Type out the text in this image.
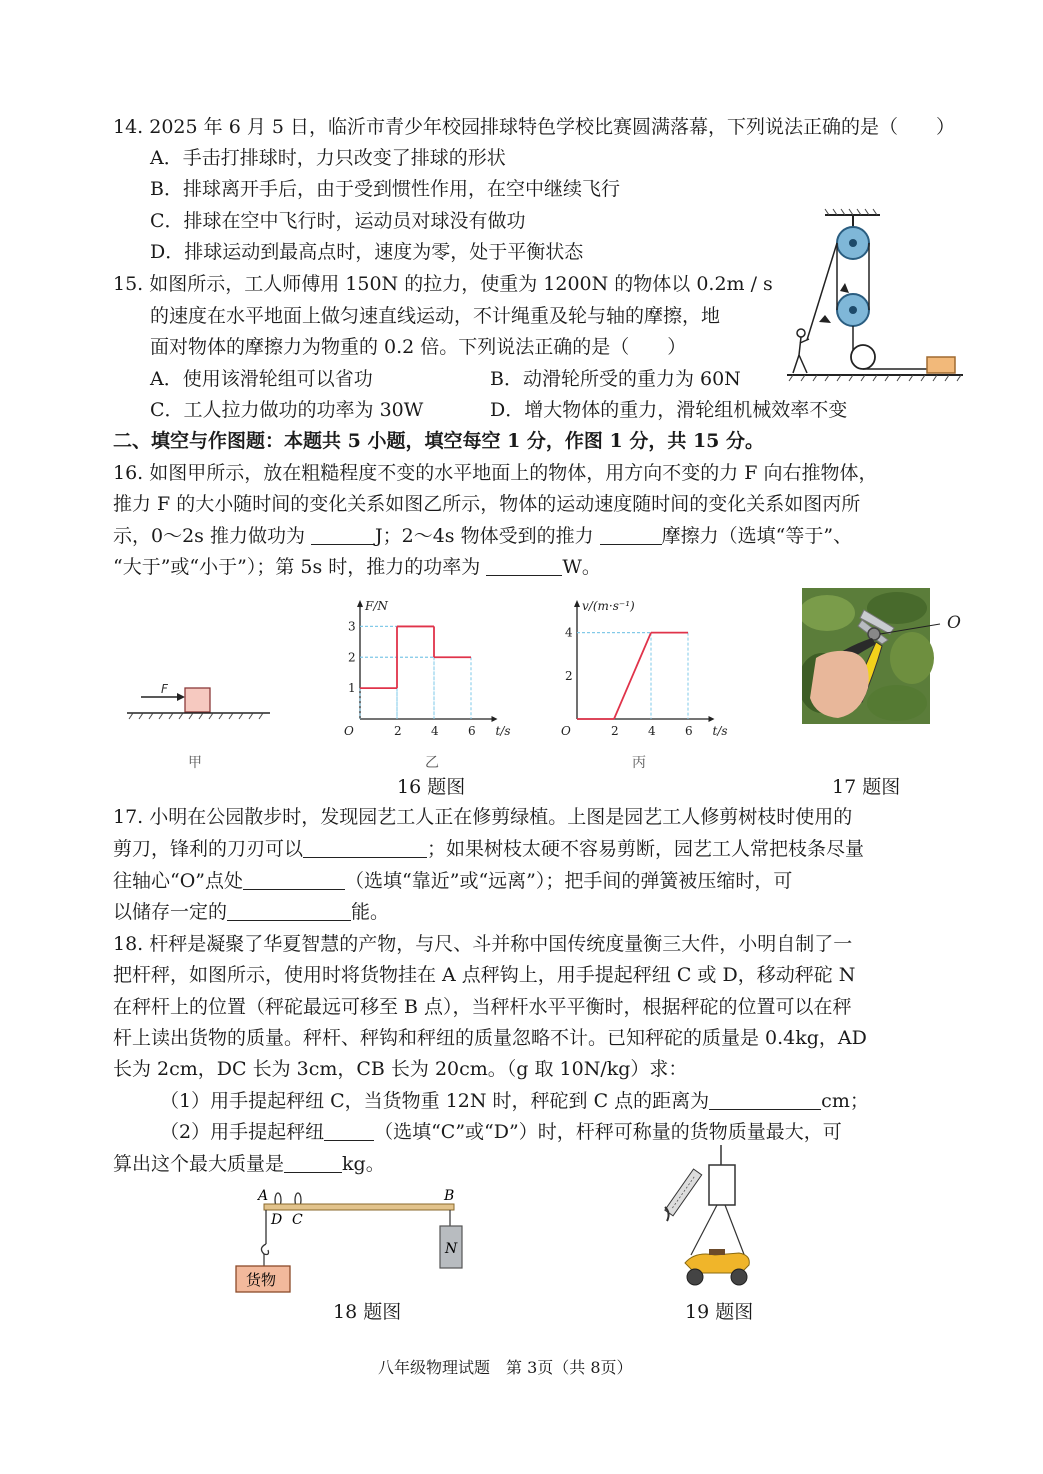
14. 2025 年 6 月 5 日，临沂市青少年校园排球特色学校比赛圆满落幕，下列说法正确的是（　　）
A．手击打排球时，力只改变了排球的形状
B．排球离开手后，由于受到惯性作用，在空中继续飞行
C．排球在空中飞行时，运动员对球没有做功
D．排球运动到最高点时，速度为零，处于平衡状态
15. 如图所示，工人师傅用 150N 的拉力，使重为 1200N 的物体以 0.2m / s
的速度在水平地面上做匀速直线运动，不计绳重及轮与轴的摩擦，地
面对物体的摩擦力为物重的 0.2 倍。下列说法正确的是（　　）
A．使用该滑轮组可以省功	B．动滑轮所受的重力为 60N
C．工人拉力做功的功率为 30W	D．增大物体的重力，滑轮组机械效率不变
二、填空与作图题：本题共 5 小题，填空每空 1 分，作图 1 分，共 15 分。
16. 如图甲所示，放在粗糙程度不变的水平地面上的物体，用方向不变的力 F 向右推物体，
推力 F 的大小随时间的变化关系如图乙所示，物体的运动速度随时间的变化关系如图丙所
示，0～2s 推力做功为	J；2～4s 物体受到的推力	摩擦力（选填“等于”、
“大于”或“小于”）；第 5s 时，推力的功率为	W。
F
甲
F/N
t/s
O	2 4 6
1
2
3
乙
v/(m·s⁻¹)
t/s
O	2 4 6
2
4
丙
16 题图
O
17 题图
17. 小明在公园散步时，发现园艺工人正在修剪绿植。上图是园艺工人修剪树枝时使用的
剪刀，锋利的刀刃可以	；如果树枝太硬不容易剪断，园艺工人常把枝条尽量
往轴心“O”点处	（选填“靠近”或“远离”）；把手间的弹簧被压缩时，可
以储存一定的	能。
18. 杆秤是凝聚了华夏智慧的产物，与尺、斗并称中国传统度量衡三大件，小明自制了一
把杆秤，如图所示，使用时将货物挂在 A 点秤钩上，用手提起秤纽 C 或 D，移动秤砣 N
在秤杆上的位置（秤砣最远可移至 B 点），当秤杆水平平衡时，根据秤砣的位置可以在秤
杆上读出货物的质量。秤杆、秤钩和秤纽的质量忽略不计。已知秤砣的质量是 0.4kg，AD
长为 2cm，DC 长为 3cm，CB 长为 20cm。（g 取 10N/kg）求：
（1）用手提起秤纽 C，当货物重 12N 时，秤砣到 C 点的距离为	cm；
（2）用手提起秤纽	（选填“C”或“D”）时，杆秤可称量的货物质量最大，可
算出这个最大质量是	kg。
A	B
D C
货物
N
18 题图	19 题图
八年级物理试题　第 3页（共 8页）
